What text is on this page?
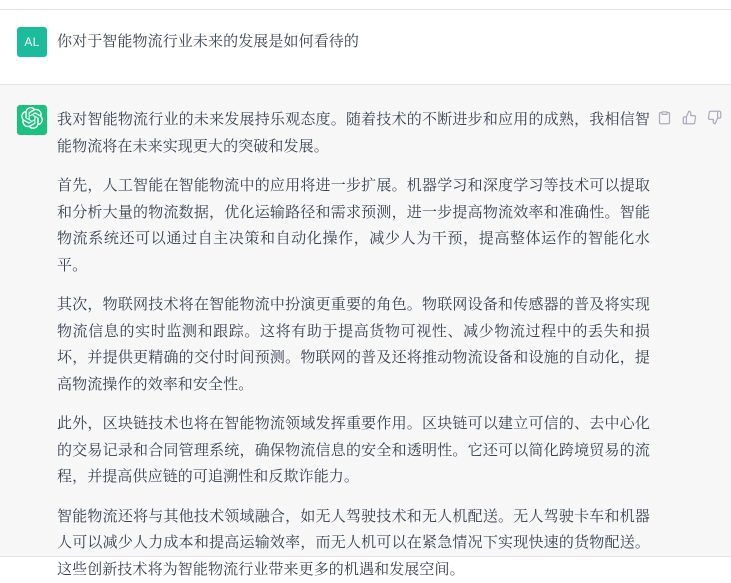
AL 你对于智能物流行业未来的发展是如何看待的

我对智能物流行业的未来发展持乐观态度。随着技术的不断进步和应用的成熟，我相信智能物流将在未来实现更大的突破和发展。

首先，人工智能在智能物流中的应用将进一步扩展。机器学习和深度学习等技术可以提取和分析大量的物流数据，优化运输路径和需求预测，进一步提高物流效率和准确性。智能物流系统还可以通过自主决策和自动化操作，减少人为干预，提高整体运作的智能化水平。

其次，物联网技术将在智能物流中扮演更重要的角色。物联网设备和传感器的普及将实现物流信息的实时监测和跟踪。这将有助于提高货物可视性、减少物流过程中的丢失和损坏，并提供更精确的交付时间预测。物联网的普及还将推动物流设备和设施的自动化，提高物流操作的效率和安全性。

此外，区块链技术也将在智能物流领域发挥重要作用。区块链可以建立可信的、去中心化的交易记录和合同管理系统，确保物流信息的安全和透明性。它还可以简化跨境贸易的流程，并提高供应链的可追溯性和反欺诈能力。

智能物流还将与其他技术领域融合，如无人驾驶技术和无人机配送。无人驾驶卡车和机器人可以减少人力成本和提高运输效率，而无人机可以在紧急情况下实现快速的货物配送。这些创新技术将为智能物流行业带来更多的机遇和发展空间。
